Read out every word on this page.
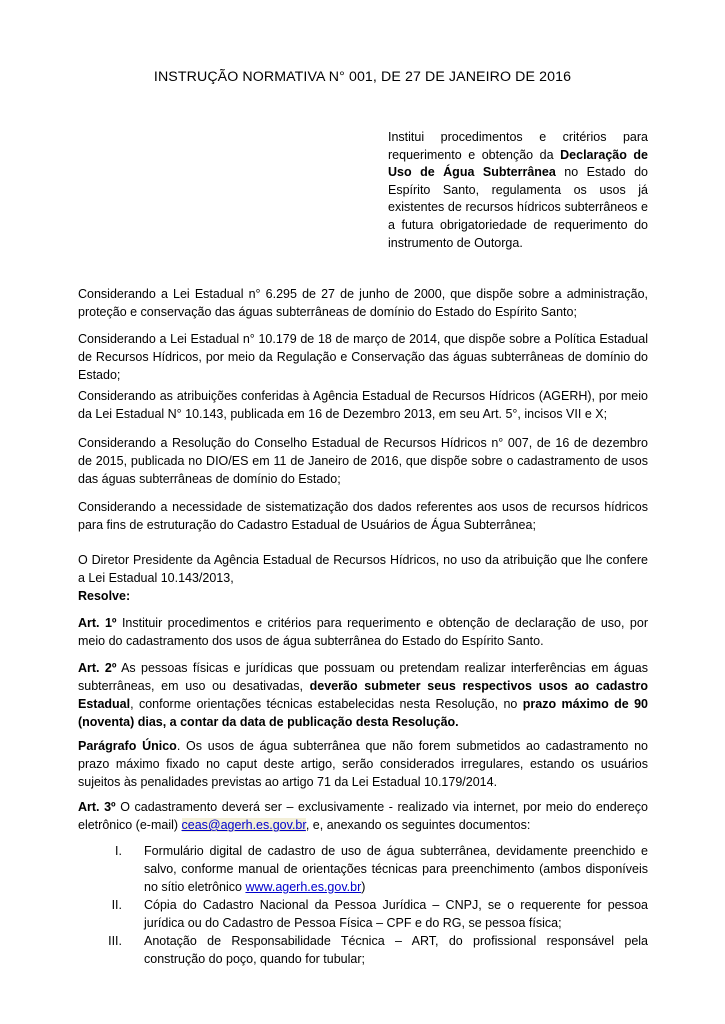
INSTRUÇÃO NORMATIVA N° 001, DE 27 DE JANEIRO DE 2016
Institui procedimentos e critérios para requerimento e obtenção da Declaração de Uso de Água Subterrânea no Estado do Espírito Santo, regulamenta os usos já existentes de recursos hídricos subterrâneos e a futura obrigatoriedade de requerimento do instrumento de Outorga.
Considerando a Lei Estadual n° 6.295 de 27 de junho de 2000, que dispõe sobre a administração, proteção e conservação das águas subterrâneas de domínio do Estado do Espírito Santo;
Considerando a Lei Estadual n° 10.179 de 18 de março de 2014, que dispõe sobre a Política Estadual de Recursos Hídricos, por meio da Regulação e Conservação das águas subterrâneas de domínio do Estado;
Considerando as atribuições conferidas à Agência Estadual de Recursos Hídricos (AGERH), por meio da Lei Estadual N° 10.143, publicada em 16 de Dezembro 2013, em seu Art. 5°, incisos VII e X;
Considerando a Resolução do Conselho Estadual de Recursos Hídricos n° 007, de 16 de dezembro de 2015, publicada no DIO/ES em 11 de Janeiro de 2016, que dispõe sobre o cadastramento de usos das águas subterrâneas de domínio do Estado;
Considerando a necessidade de sistematização dos dados referentes aos usos de recursos hídricos para fins de estruturação do Cadastro Estadual de Usuários de Água Subterrânea;
O Diretor Presidente da Agência Estadual de Recursos Hídricos, no uso da atribuição que lhe confere a Lei Estadual 10.143/2013,
Resolve:
Art. 1º Instituir procedimentos e critérios para requerimento e obtenção de declaração de uso, por meio do cadastramento dos usos de água subterrânea do Estado do Espírito Santo.
Art. 2º As pessoas físicas e jurídicas que possuam ou pretendam realizar interferências em águas subterrâneas, em uso ou desativadas, deverão submeter seus respectivos usos ao cadastro Estadual, conforme orientações técnicas estabelecidas nesta Resolução, no prazo máximo de 90 (noventa) dias, a contar da data de publicação desta Resolução.
Parágrafo Único. Os usos de água subterrânea que não forem submetidos ao cadastramento no prazo máximo fixado no caput deste artigo, serão considerados irregulares, estando os usuários sujeitos às penalidades previstas ao artigo 71 da Lei Estadual 10.179/2014.
Art. 3º O cadastramento deverá ser – exclusivamente - realizado via internet, por meio do endereço eletrônico (e-mail) ceas@agerh.es.gov.br, e, anexando os seguintes documentos:
I. Formulário digital de cadastro de uso de água subterrânea, devidamente preenchido e salvo, conforme manual de orientações técnicas para preenchimento (ambos disponíveis no sítio eletrônico www.agerh.es.gov.br)
II. Cópia do Cadastro Nacional da Pessoa Jurídica – CNPJ, se o requerente for pessoa jurídica ou do Cadastro de Pessoa Física – CPF e do RG, se pessoa física;
III. Anotação de Responsabilidade Técnica – ART, do profissional responsável pela construção do poço, quando for tubular;
